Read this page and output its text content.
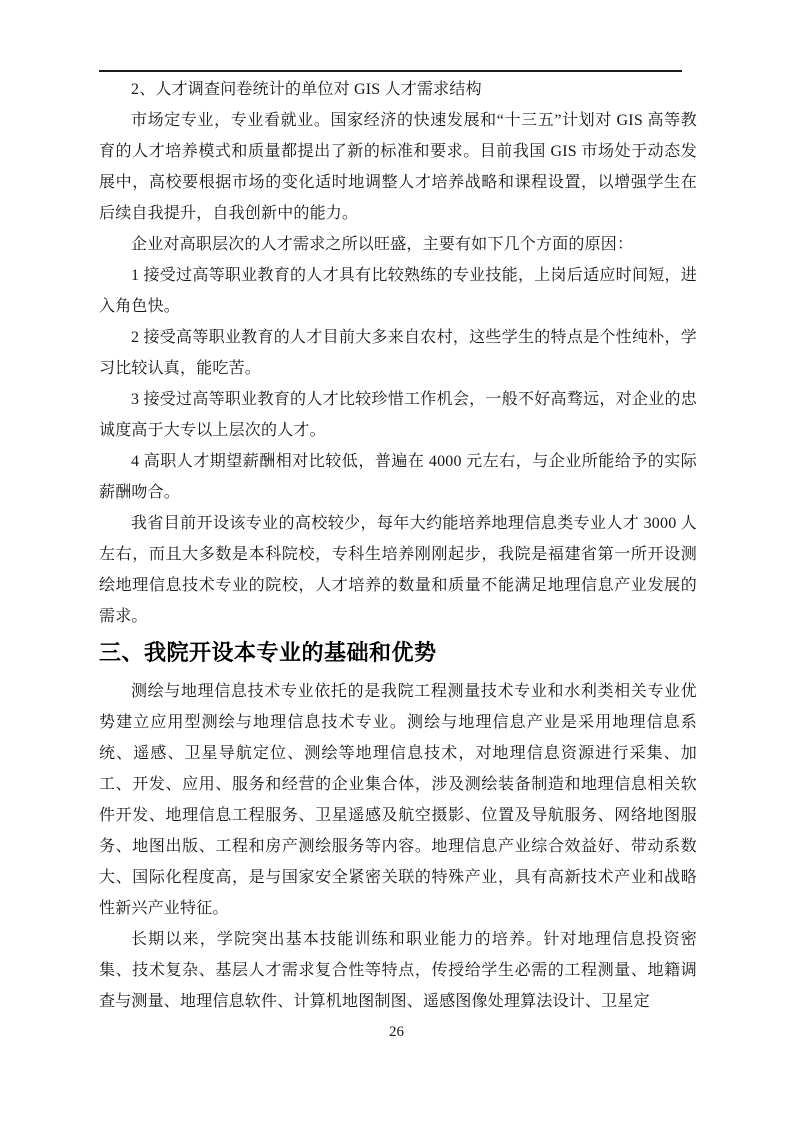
2、人才调查问卷统计的单位对 GIS 人才需求结构

市场定专业，专业看就业。国家经济的快速发展和“十三五”计划对 GIS 高等教育的人才培养模式和质量都提出了新的标准和要求。目前我国 GIS 市场处于动态发展中，高校要根据市场的变化适时地调整人才培养战略和课程设置，以增强学生在后续自我提升，自我创新中的能力。

企业对高职层次的人才需求之所以旺盛，主要有如下几个方面的原因：

1 接受过高等职业教育的人才具有比较熟练的专业技能，上岗后适应时间短，进入角色快。

2 接受高等职业教育的人才目前大多来自农村，这些学生的特点是个性纯朴，学习比较认真，能吃苦。

3 接受过高等职业教育的人才比较珍惜工作机会，一般不好高骛远，对企业的忠诚度高于大专以上层次的人才。

4 高职人才期望薪酬相对比较低，普遍在 4000 元左右，与企业所能给予的实际薪酬吻合。

我省目前开设该专业的高校较少，每年大约能培养地理信息类专业人才 3000 人左右，而且大多数是本科院校，专科生培养刚刚起步，我院是福建省第一所开设测绘地理信息技术专业的院校，人才培养的数量和质量不能满足地理信息产业发展的需求。

三、我院开设本专业的基础和优势

测绘与地理信息技术专业依托的是我院工程测量技术专业和水利类相关专业优势建立应用型测绘与地理信息技术专业。测绘与地理信息产业是采用地理信息系统、遥感、卫星导航定位、测绘等地理信息技术，对地理信息资源进行采集、加工、开发、应用、服务和经营的企业集合体，涉及测绘装备制造和地理信息相关软件开发、地理信息工程服务、卫星遥感及航空摄影、位置及导航服务、网络地图服务、地图出版、工程和房产测绘服务等内容。地理信息产业综合效益好、带动系数大、国际化程度高，是与国家安全紧密关联的特殊产业，具有高新技术产业和战略性新兴产业特征。

长期以来，学院突出基本技能训练和职业能力的培养。针对地理信息投资密集、技术复杂、基层人才需求复合性等特点，传授给学生必需的工程测量、地籍调查与测量、地理信息软件、计算机地图制图、遥感图像处理算法设计、卫星定

26
